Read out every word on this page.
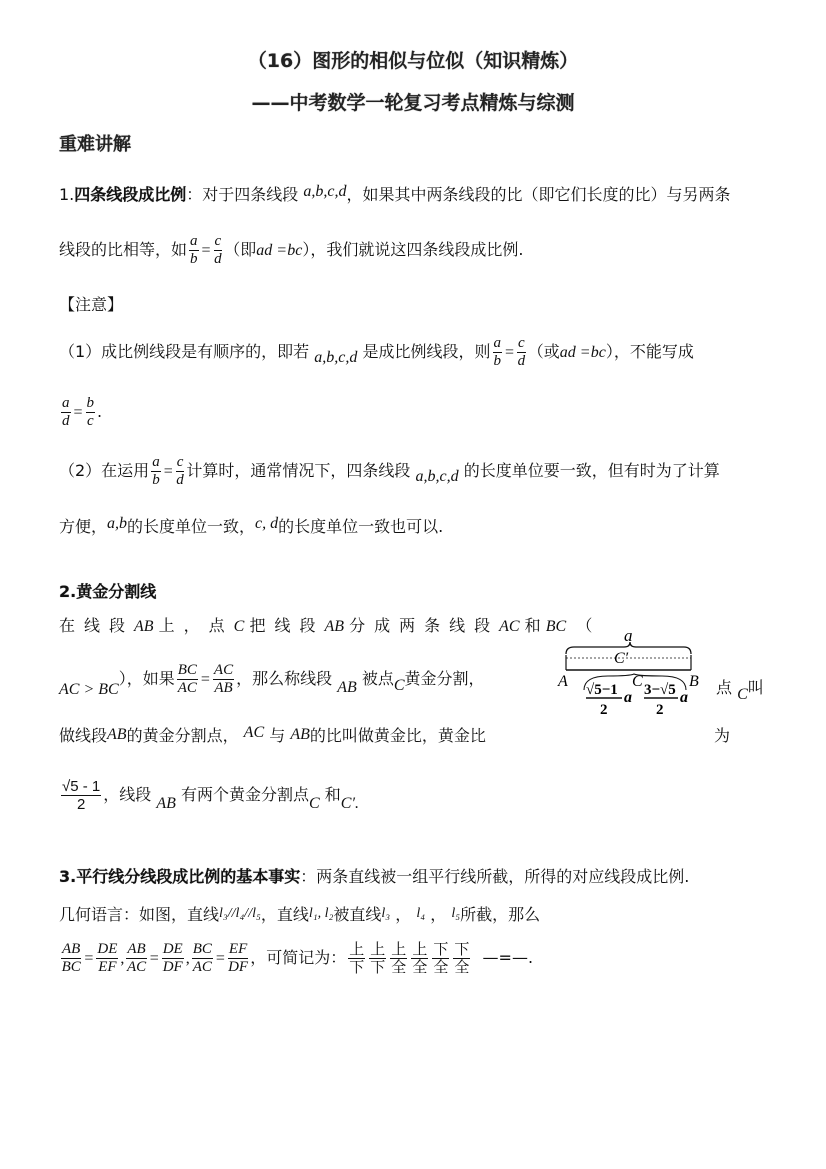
（16）图形的相似与位似（知识精炼）
——中考数学一轮复习考点精炼与综测
重难讲解
1.四条线段成比例：对于四条线段 a,b,c,d，如果其中两条线段的比（即它们长度的比）与另两条
线段的比相等，如 $\frac{a}{b} = \frac{c}{d}$ （即ad =bc），我们就说这四条线段成比例.
【注意】
（1）成比例线段是有顺序的，即若 a,b,c,d 是成比例线段，则 $\frac{a}{b} = \frac{c}{d}$ （或ad =bc），不能写成
$\frac{a}{d} = \frac{b}{c}$ .
（2）在运用 $\frac{a}{b} = \frac{c}{d}$ 计算时，通常情况下，四条线段 a,b,c,d 的长度单位要一致，但有时为了计算
方便，a,b的长度单位一致，c, d的长度单位一致也可以.
2.黄金分割线
在线段AB 上，点C 把线段AB 分成两条线段AC 和 BC （
AC > BC），如果 $\frac{BC}{AC} = \frac{AC}{AB}$ ，那么称线段 AB 被点C黄金分割，	点 C叫
a
C′
A	C	B
√5−1
2
a 3−√5
2
a
做线段AB的黄金分割点， AC 与 AB的比叫做黄金比，黄金比	为
$\frac{√5 - 1}{2}$ ，线段 AB 有两个黄金分割点C 和C′.
3.平行线分线段成比例的基本事实：两条直线被一组平行线所截，所得的对应线段成比例.
几何语言：如图，直线l₃//l₄//l₅，直线l₁, l₂被直线l₃ ， l₄ ， l₅所截，那么
$\frac{AB}{BC} = \frac{DE}{EF}$ , $\frac{AB}{AC} = \frac{DE}{DF}$ , $\frac{BC}{AC} = \frac{EF}{DF}$ ，可简记为： $\frac{\text{上}}{\text{下}} \frac{\text{上}}{\text{下}} \frac{\text{上}}{\text{全}} \frac{\text{上}}{\text{全}} \frac{\text{下}}{\text{全}} \frac{\text{下}}{\text{全}}$ —=—.
